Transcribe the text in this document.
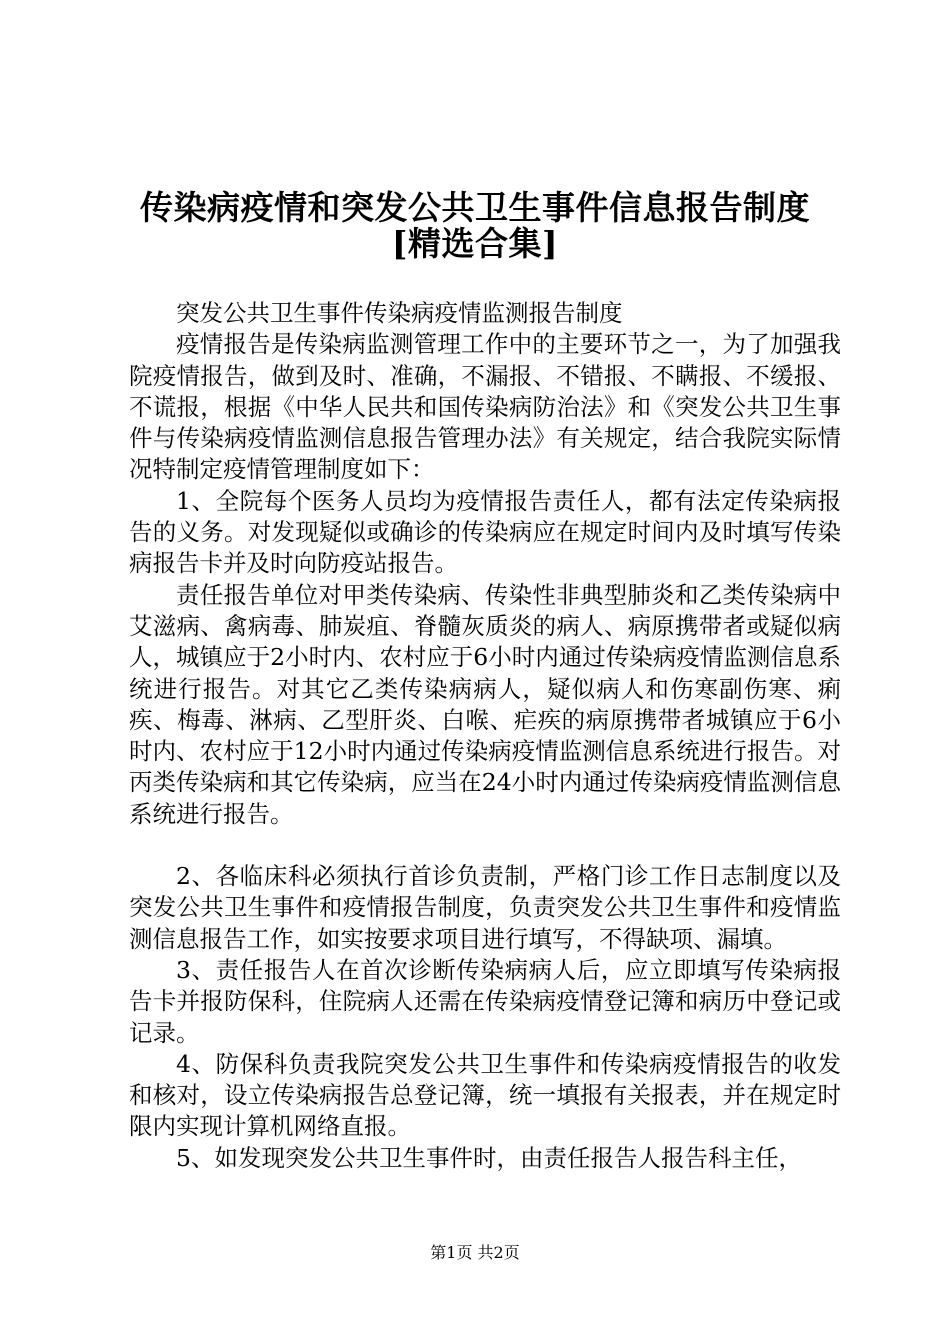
传染病疫情和突发公共卫生事件信息报告制度
[精选合集]

突发公共卫生事件传染病疫情监测报告制度

疫情报告是传染病监测管理工作中的主要环节之一，为了加强我院疫情报告，做到及时、准确，不漏报、不错报、不瞒报、不缓报、不谎报，根据《中华人民共和国传染病防治法》和《突发公共卫生事件与传染病疫情监测信息报告管理办法》有关规定，结合我院实际情况特制定疫情管理制度如下：

1、全院每个医务人员均为疫情报告责任人，都有法定传染病报告的义务。对发现疑似或确诊的传染病应在规定时间内及时填写传染病报告卡并及时向防疫站报告。

责任报告单位对甲类传染病、传染性非典型肺炎和乙类传染病中艾滋病、禽病毒、肺炭疽、脊髓灰质炎的病人、病原携带者或疑似病人，城镇应于2小时内、农村应于6小时内通过传染病疫情监测信息系统进行报告。对其它乙类传染病病人，疑似病人和伤寒副伤寒、痢疾、梅毒、淋病、乙型肝炎、白喉、疟疾的病原携带者城镇应于6小时内、农村应于12小时内通过传染病疫情监测信息系统进行报告。对丙类传染病和其它传染病，应当在24小时内通过传染病疫情监测信息系统进行报告。

2、各临床科必须执行首诊负责制，严格门诊工作日志制度以及突发公共卫生事件和疫情报告制度，负责突发公共卫生事件和疫情监测信息报告工作，如实按要求项目进行填写，不得缺项、漏填。

3、责任报告人在首次诊断传染病病人后，应立即填写传染病报告卡并报防保科，住院病人还需在传染病疫情登记簿和病历中登记或记录。

4、防保科负责我院突发公共卫生事件和传染病疫情报告的收发和核对，设立传染病报告总登记簿，统一填报有关报表，并在规定时限内实现计算机网络直报。

5、如发现突发公共卫生事件时，由责任报告人报告科主任，

第1页 共2页
